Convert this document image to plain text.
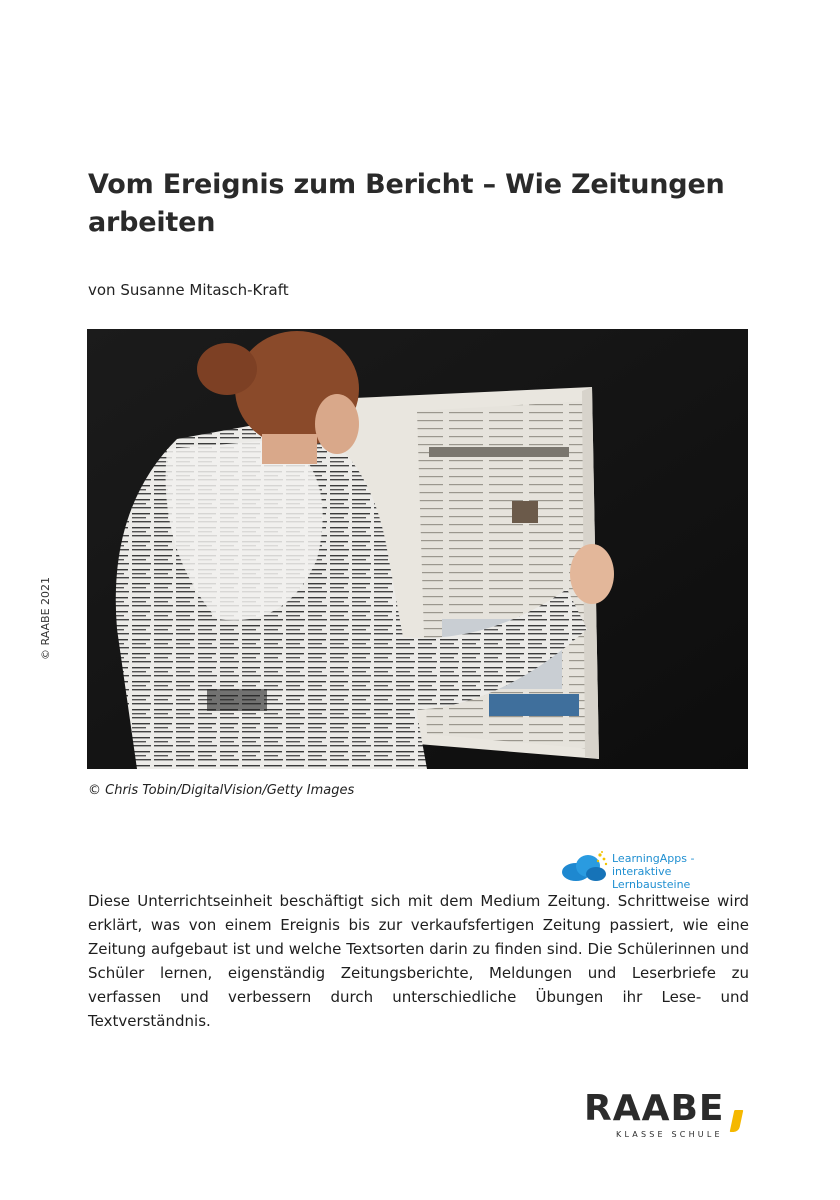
Vom Ereignis zum Bericht – Wie Zeitungen arbeiten

von Susanne Mitasch-Kraft

© Chris Tobin/DigitalVision/Getty Images

© RAABE 2021

LearningApps -
interaktive Lernbausteine

Diese Unterrichtseinheit beschäftigt sich mit dem Medium Zeitung. Schrittweise wird erklärt, was von einem Ereignis bis zur verkaufsfertigen Zeitung passiert, wie eine Zeitung aufgebaut ist und welche Textsorten darin zu finden sind. Die Schülerinnen und Schüler lernen, eigenständig Zeitungsberichte, Meldungen und Leserbriefe zu verfassen und verbessern durch unterschiedliche Übungen ihr Lese- und Textverständnis.

RAABE
KLASSE SCHULE
